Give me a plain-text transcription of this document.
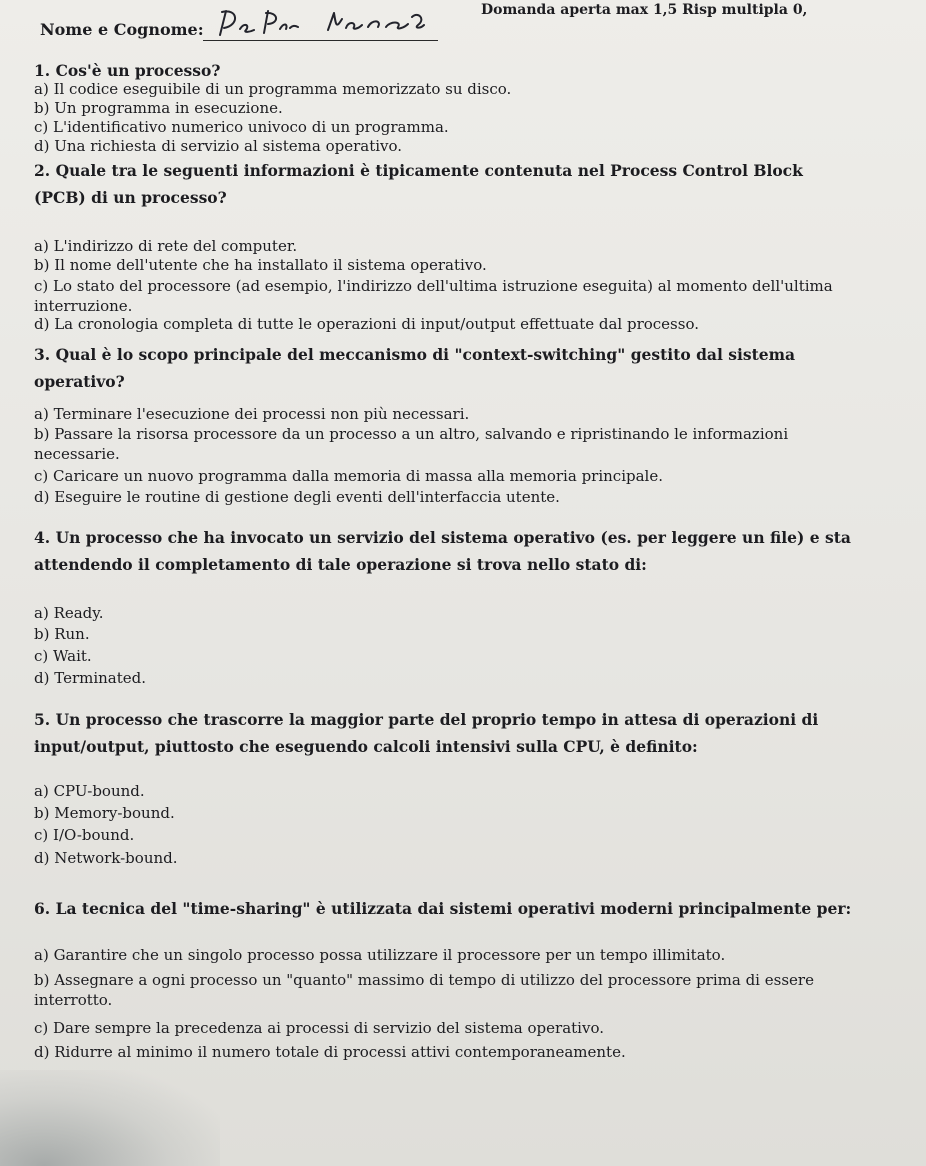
Nome e Cognome:
Domanda aperta max 1,5 Risp multipla 0,
1. Cos'è un processo?
a) Il codice eseguibile di un programma memorizzato su disco.
b) Un programma in esecuzione.
c) L'identificativo numerico univoco di un programma.
d) Una richiesta di servizio al sistema operativo.
2. Quale tra le seguenti informazioni è tipicamente contenuta nel Process Control Block (PCB) di un processo?
a) L'indirizzo di rete del computer.
b) Il nome dell'utente che ha installato il sistema operativo.
c) Lo stato del processore (ad esempio, l'indirizzo dell'ultima istruzione eseguita) al momento dell'ultima interruzione.
d) La cronologia completa di tutte le operazioni di input/output effettuate dal processo.
3. Qual è lo scopo principale del meccanismo di "context-switching" gestito dal sistema operativo?
a) Terminare l'esecuzione dei processi non più necessari.
b) Passare la risorsa processore da un processo a un altro, salvando e ripristinando le informazioni necessarie.
c) Caricare un nuovo programma dalla memoria di massa alla memoria principale.
d) Eseguire le routine di gestione degli eventi dell'interfaccia utente.
4. Un processo che ha invocato un servizio del sistema operativo (es. per leggere un file) e sta attendendo il completamento di tale operazione si trova nello stato di:
a) Ready.
b) Run.
c) Wait.
d) Terminated.
5. Un processo che trascorre la maggior parte del proprio tempo in attesa di operazioni di input/output, piuttosto che eseguendo calcoli intensivi sulla CPU, è definito:
a) CPU-bound.
b) Memory-bound.
c) I/O-bound.
d) Network-bound.
6. La tecnica del "time-sharing" è utilizzata dai sistemi operativi moderni principalmente per:
a) Garantire che un singolo processo possa utilizzare il processore per un tempo illimitato.
b) Assegnare a ogni processo un "quanto" massimo di tempo di utilizzo del processore prima di essere interrotto.
c) Dare sempre la precedenza ai processi di servizio del sistema operativo.
d) Ridurre al minimo il numero totale di processi attivi contemporaneamente.
